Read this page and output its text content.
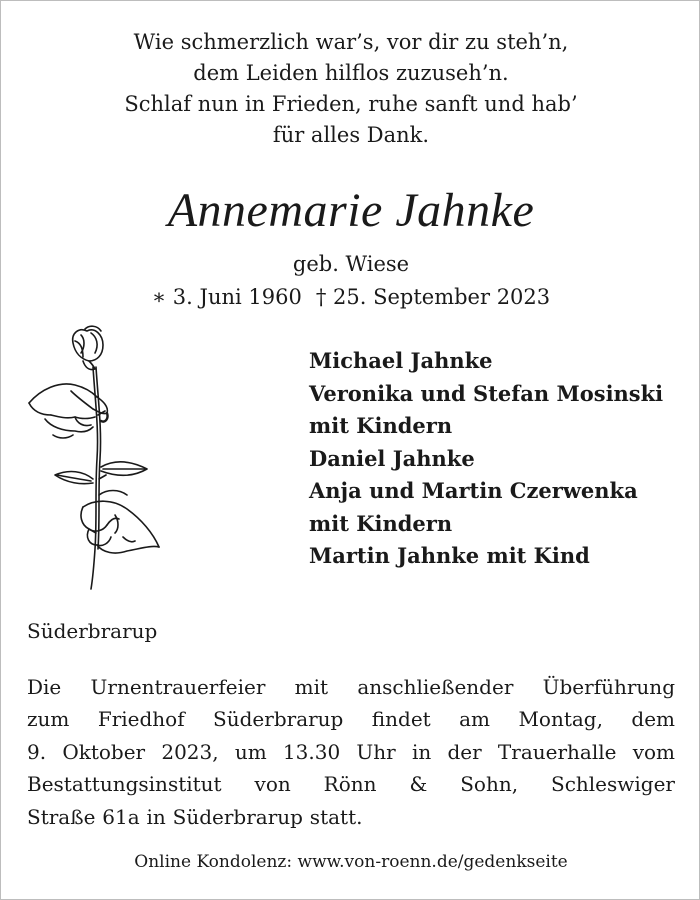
Wie schmerzlich war’s, vor dir zu steh’n,
dem Leiden hilflos zuzuseh’n.
Schlaf nun in Frieden, ruhe sanft und hab’
für alles Dank.
Annemarie Jahnke
geb. Wiese
∗ 3. Juni 1960 † 25. September 2023
Michael Jahnke
Veronika und Stefan Mosinski
mit Kindern
Daniel Jahnke
Anja und Martin Czerwenka
mit Kindern
Martin Jahnke mit Kind
Süderbrarup
Die Urnentrauerfeier mit anschließender Überführung
zum Friedhof Süderbrarup findet am Montag, dem
9. Oktober 2023, um 13.30 Uhr in der Trauerhalle vom
Bestattungsinstitut von Rönn & Sohn, Schleswiger
Straße 61a in Süderbrarup statt.
Online Kondolenz: www.von-roenn.de/gedenkseite
